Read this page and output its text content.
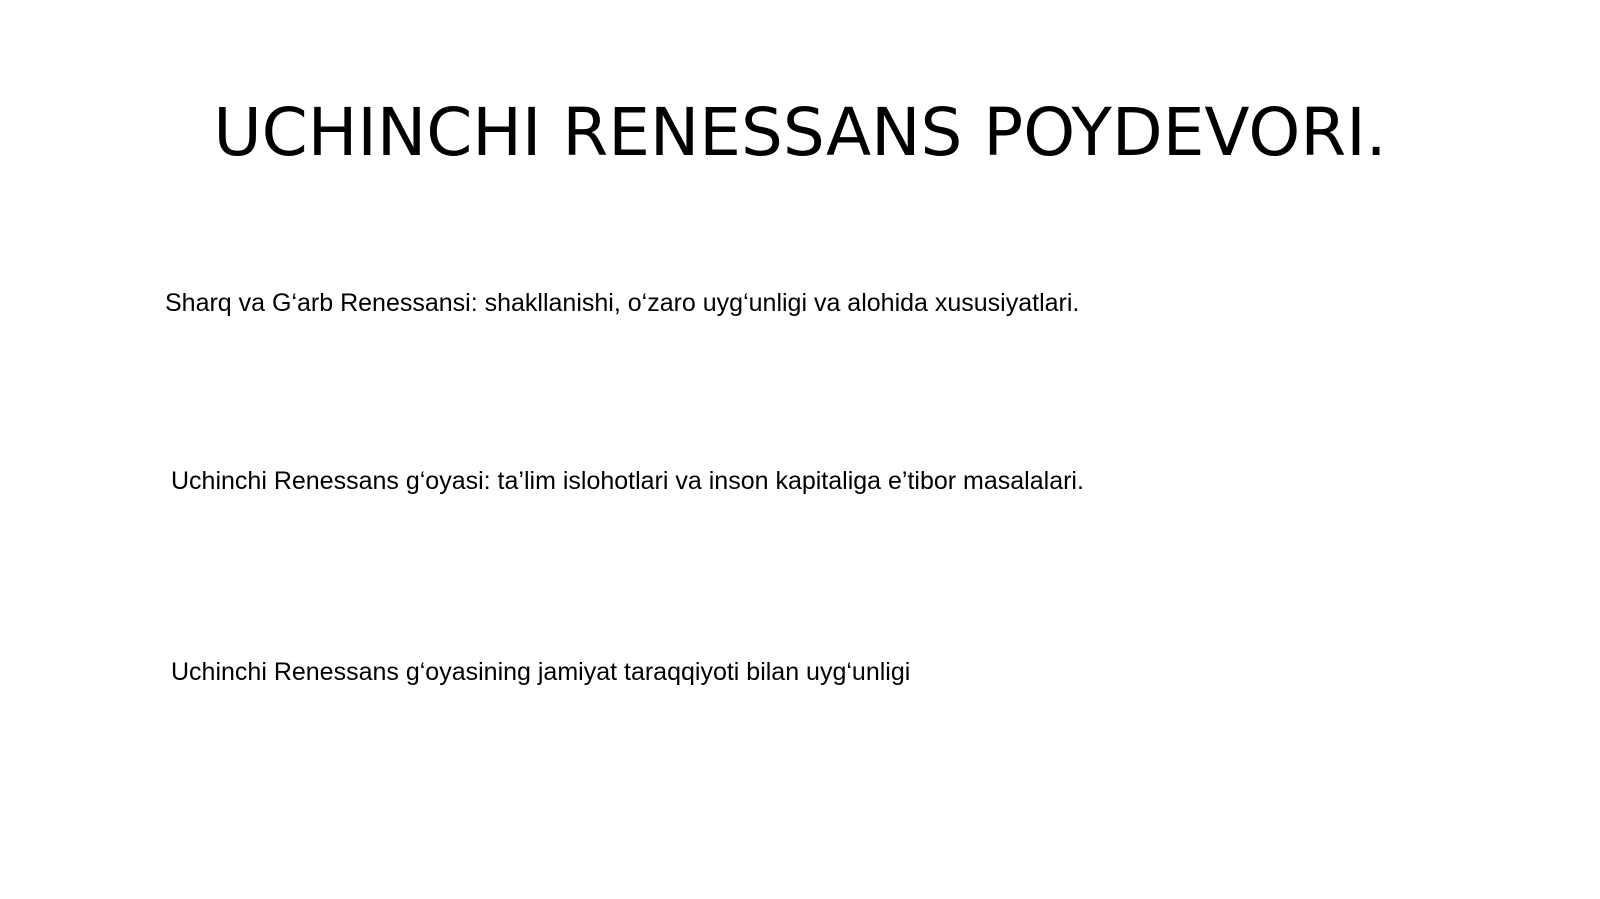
UCHINCHI RENESSANS POYDEVORI.

Sharq va G‘arb Renessansi: shakllanishi, o‘zaro uyg‘unligi va alohida xususiyatlari.

Uchinchi Renessans g‘oyasi: ta’lim islohotlari va inson kapitaliga e’tibor masalalari.

Uchinchi Renessans g‘oyasining jamiyat taraqqiyoti bilan uyg‘unligi
